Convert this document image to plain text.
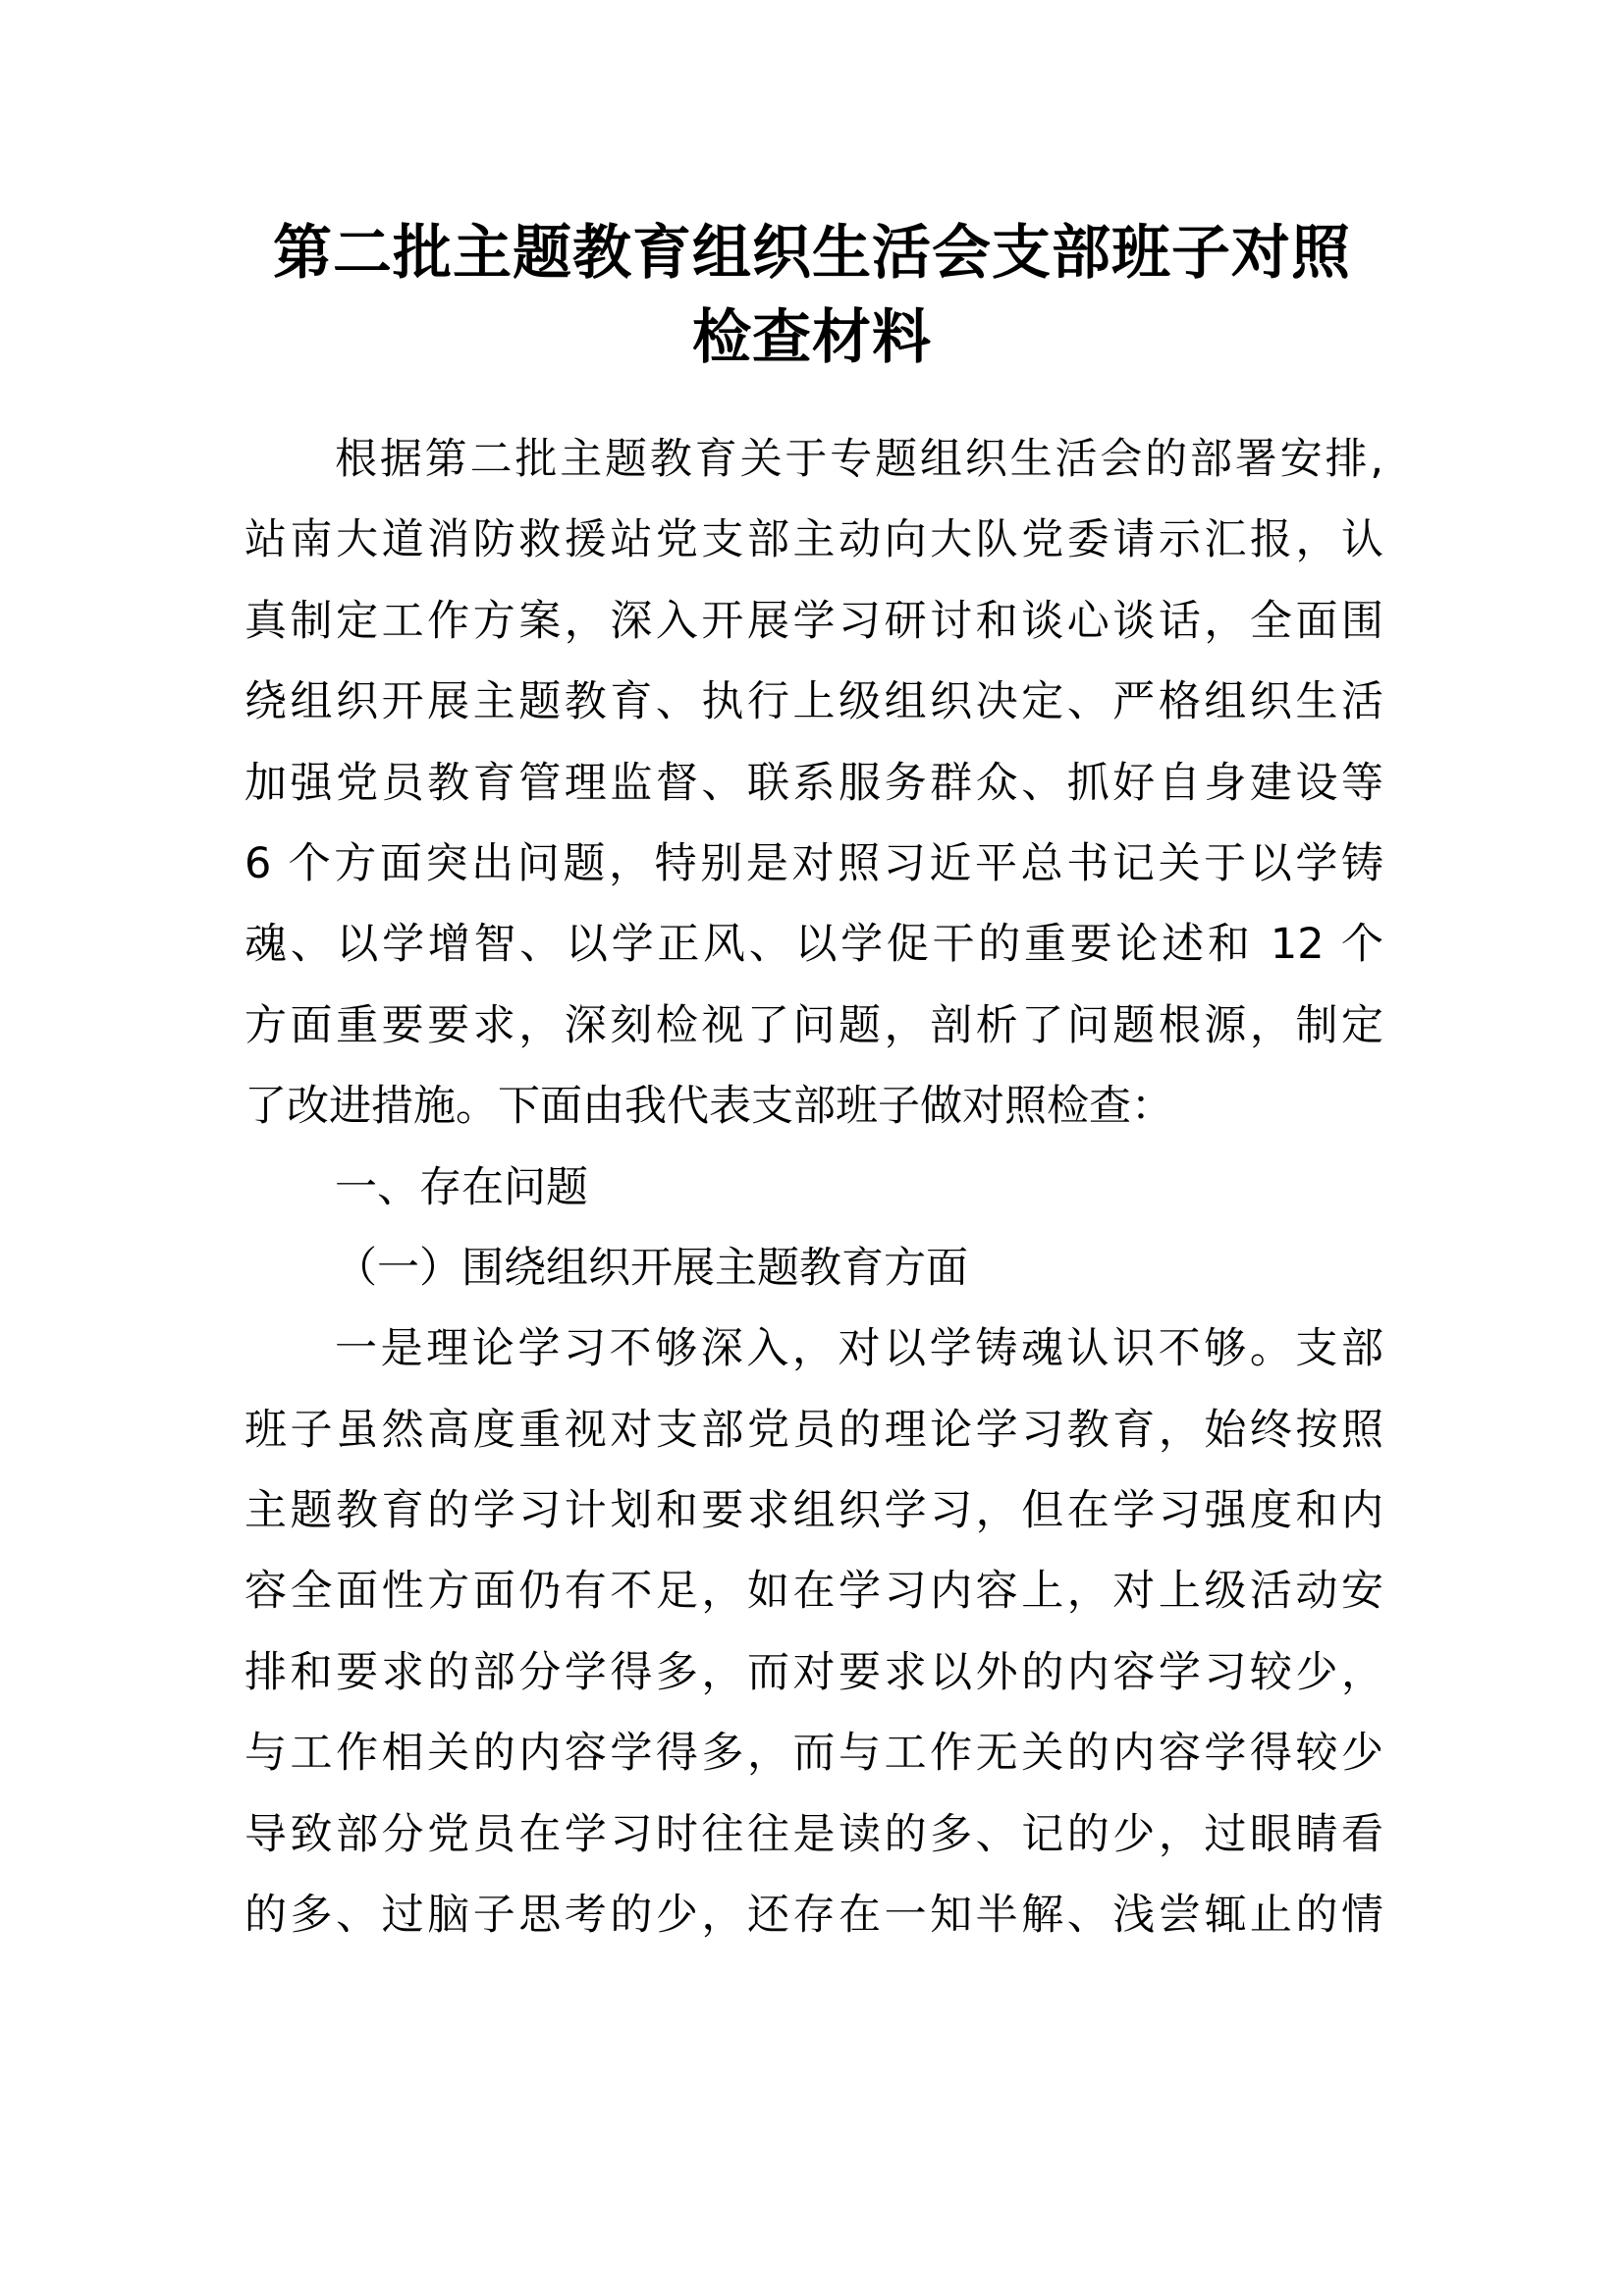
第二批主题教育组织生活会支部班子对照
检查材料
根据第二批主题教育关于专题组织生活会的部署安排,
站南大道消防救援站党支部主动向大队党委请示汇报，认
真制定工作方案，深入开展学习研讨和谈心谈话，全面围
绕组织开展主题教育、执行上级组织决定、严格组织生活
加强党员教育管理监督、联系服务群众、抓好自身建设等
6 个方面突出问题，特别是对照习近平总书记关于以学铸
魂、以学增智、以学正风、以学促干的重要论述和 12 个
方面重要要求，深刻检视了问题，剖析了问题根源，制定
了改进措施。下面由我代表支部班子做对照检查：
一、存在问题
（一）围绕组织开展主题教育方面
一是理论学习不够深入，对以学铸魂认识不够。支部
班子虽然高度重视对支部党员的理论学习教育，始终按照
主题教育的学习计划和要求组织学习，但在学习强度和内
容全面性方面仍有不足，如在学习内容上，对上级活动安
排和要求的部分学得多，而对要求以外的内容学习较少，
与工作相关的内容学得多，而与工作无关的内容学得较少
导致部分党员在学习时往往是读的多、记的少，过眼睛看
的多、过脑子思考的少，还存在一知半解、浅尝辄止的情
